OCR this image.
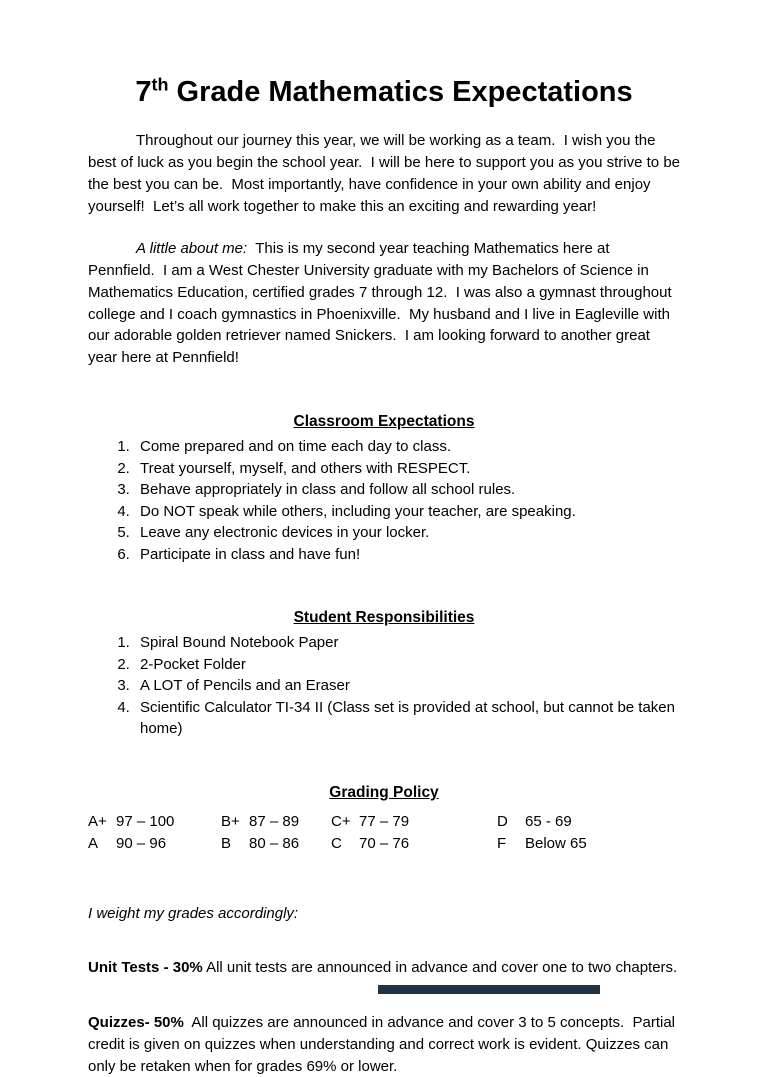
7th Grade Mathematics Expectations

Throughout our journey this year, we will be working as a team.  I wish you the best of luck as you begin the school year.  I will be here to support you as you strive to be the best you can be.  Most importantly, have confidence in your own ability and enjoy yourself!  Let’s all work together to make this an exciting and rewarding year!

A little about me:  This is my second year teaching Mathematics here at Pennfield.  I am a West Chester University graduate with my Bachelors of Science in Mathematics Education, certified grades 7 through 12.  I was also a gymnast throughout college and I coach gymnastics in Phoenixville.  My husband and I live in Eagleville with our adorable golden retriever named Snickers.  I am looking forward to another great year here at Pennfield!

Classroom Expectations
1. Come prepared and on time each day to class.
2. Treat yourself, myself, and others with RESPECT.
3. Behave appropriately in class and follow all school rules.
4. Do NOT speak while others, including your teacher, are speaking.
5. Leave any electronic devices in your locker.
6. Participate in class and have fun!
Student Responsibilities
1. Spiral Bound Notebook Paper
2. 2-Pocket Folder
3. A LOT of Pencils and an Eraser
4. Scientific Calculator TI-34 II (Class set is provided at school, but cannot be taken home)
Grading Policy
A+ 97 – 100	B+ 87 – 89 C+ 77 – 79	D	65 - 69
A	90 – 96	B	80 – 86 C	70 – 76	F	Below 65

I weight my grades accordingly:

Unit Tests - 30% All unit tests are announced in advance and cover one to two chapters.

Quizzes- 50%  All quizzes are announced in advance and cover 3 to 5 concepts.  Partial credit is given on quizzes when understanding and correct work is evident. Quizzes can only be retaken when for grades 69% or lower.
